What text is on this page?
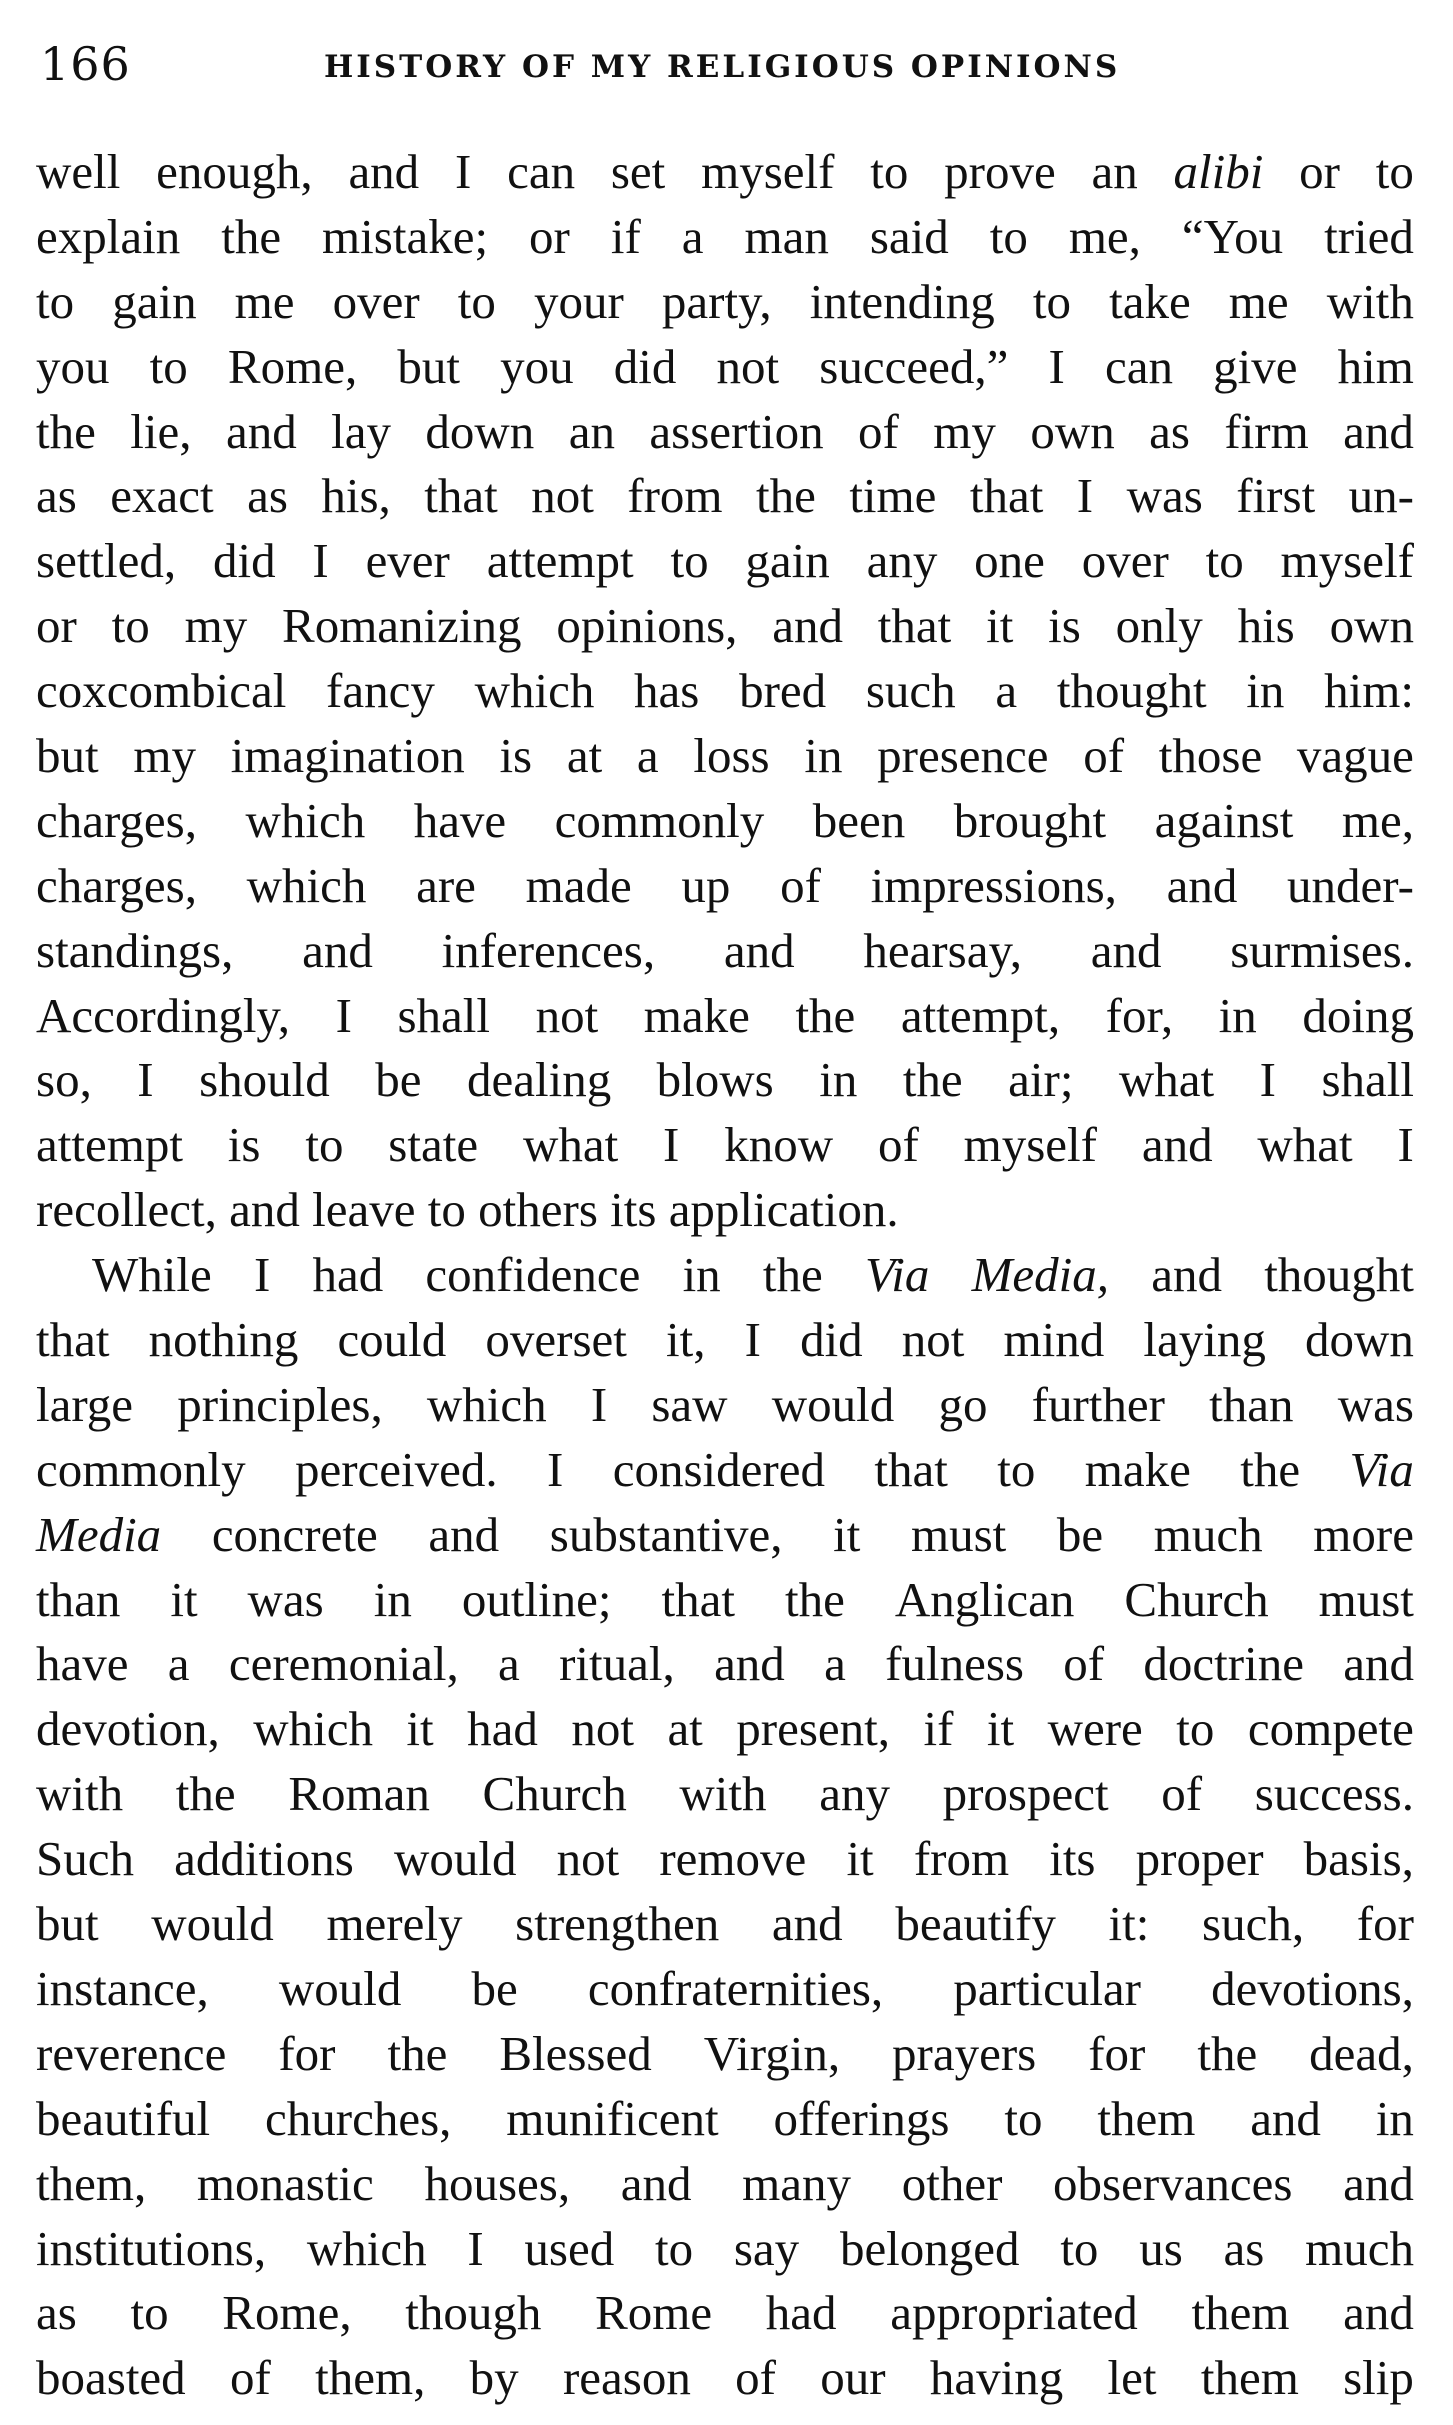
166	HISTORY OF MY RELIGIOUS OPINIONS
well enough, and I can set myself to prove an alibi or to
explain the mistake; or if a man said to me, “You tried
to gain me over to your party, intending to take me with
you to Rome, but you did not succeed,” I can give him
the lie, and lay down an assertion of my own as firm and
as exact as his, that not from the time that I was first un-
settled, did I ever attempt to gain any one over to myself
or to my Romanizing opinions, and that it is only his own
coxcombical fancy which has bred such a thought in him:
but my imagination is at a loss in presence of those vague
charges, which have commonly been brought against me,
charges, which are made up of impressions, and under-
standings, and inferences, and hearsay, and surmises.
Accordingly, I shall not make the attempt, for, in doing
so, I should be dealing blows in the air; what I shall
attempt is to state what I know of myself and what I
recollect, and leave to others its application.
While I had confidence in the Via Media, and thought
that nothing could overset it, I did not mind laying down
large principles, which I saw would go further than was
commonly perceived. I considered that to make the Via
Media concrete and substantive, it must be much more
than it was in outline; that the Anglican Church must
have a ceremonial, a ritual, and a fulness of doctrine and
devotion, which it had not at present, if it were to compete
with the Roman Church with any prospect of success.
Such additions would not remove it from its proper basis,
but would merely strengthen and beautify it: such, for
instance, would be confraternities, particular devotions,
reverence for the Blessed Virgin, prayers for the dead,
beautiful churches, munificent offerings to them and in
them, monastic houses, and many other observances and
institutions, which I used to say belonged to us as much
as to Rome, though Rome had appropriated them and
boasted of them, by reason of our having let them slip
